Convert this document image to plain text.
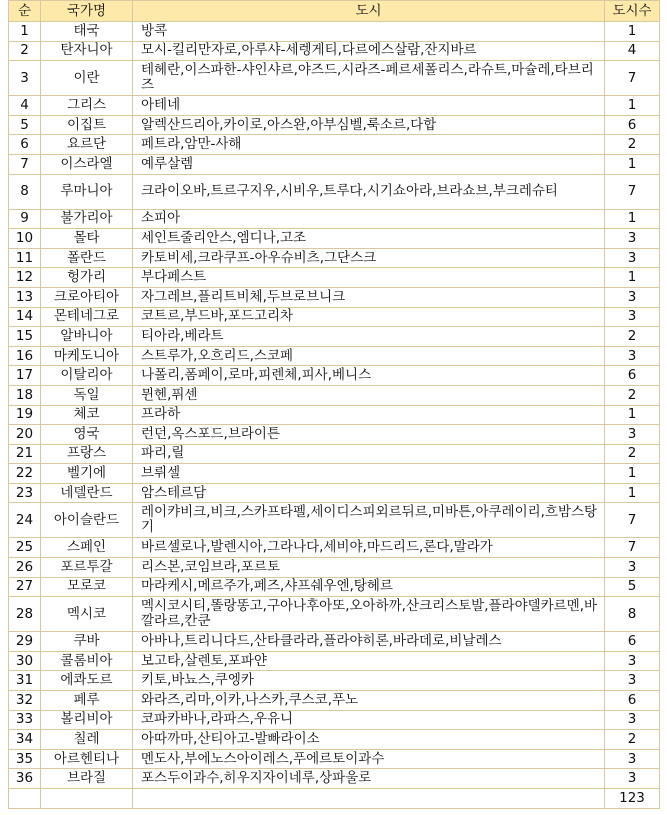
순	국가명	도시	도시수
1	태국	방콕	1
2	탄자니아	모시-킬리만자로,아루샤-세렝게티,다르에스살람,잔지바르	4
3	이란	테헤란,이스파한-샤인샤르,야즈드,시라즈-페르세폴리스,라슈트,마슐레,타브리즈	7
4	그리스	아테네	1
5	이집트	알렉산드리아,카이로,아스완,아부심벨,룩소르,다합	6
6	요르단	페트라,암만-사해	2
7	이스라엘	예루살렘	1
8	루마니아	크라이오바,트르구지우,시비우,트루다,시기쇼아라,브라쇼브,부크레슈티	7
9	불가리아	소피아	1
10	몰타	세인트줄리안스,엠디나,고조	3
11	폴란드	카토비세,크라쿠프-아우슈비츠,그단스크	3
12	헝가리	부다페스트	1
13	크로아티아	자그레브,플리트비체,두브로브니크	3
14	몬테네그로	코트르,부드바,포드고리차	3
15	알바니아	티아라,베라트	2
16	마케도니아	스트루가,오흐리드,스코페	3
17	이탈리아	나폴리,폼페이,로마,피렌체,피사,베니스	6
18	독일	뮌헨,퓌센	2
19	체코	프라하	1
20	영국	런던,옥스포드,브라이튼	3
21	프랑스	파리,릴	2
22	벨기에	브뤼셀	1
23	네델란드	암스테르담	1
24	아이슬란드	레이캬비크,비크,스카프타펠,세이디스피외르뒤르,미바튼,아쿠레이리,흐밤스탕기	7
25	스페인	바르셀로나,발렌시아,그라나다,세비야,마드리드,론다,말라가	7
26	포르투갈	리스본,코임브라,포르토	3
27	모로코	마라케시,메르주가,페즈,샤프쉐우엔,탕헤르	5
28	멕시코	멕시코시티,똘랑똥고,구아나후아또,오아하까,산크리스토발,플라야델카르멘,바깔라르,칸쿤	8
29	쿠바	아바나,트리니다드,산타클라라,플라야히론,바라데로,비날레스	6
30	콜롬비아	보고타,살렌토,포파얀	3
31	에콰도르	키토,바뇨스,쿠엥카	3
32	페루	와라즈,리마,이카,나스카,쿠스코,푸노	6
33	볼리비아	코파카바나,라파스,우유니	3
34	칠레	아따까마,산티아고-발빠라이소	2
35	아르헨티나	멘도사,부에노스아이레스,푸에르토이과수	3
36	브라질	포스두이과수,히우지자이네루,상파울로	3
			123
